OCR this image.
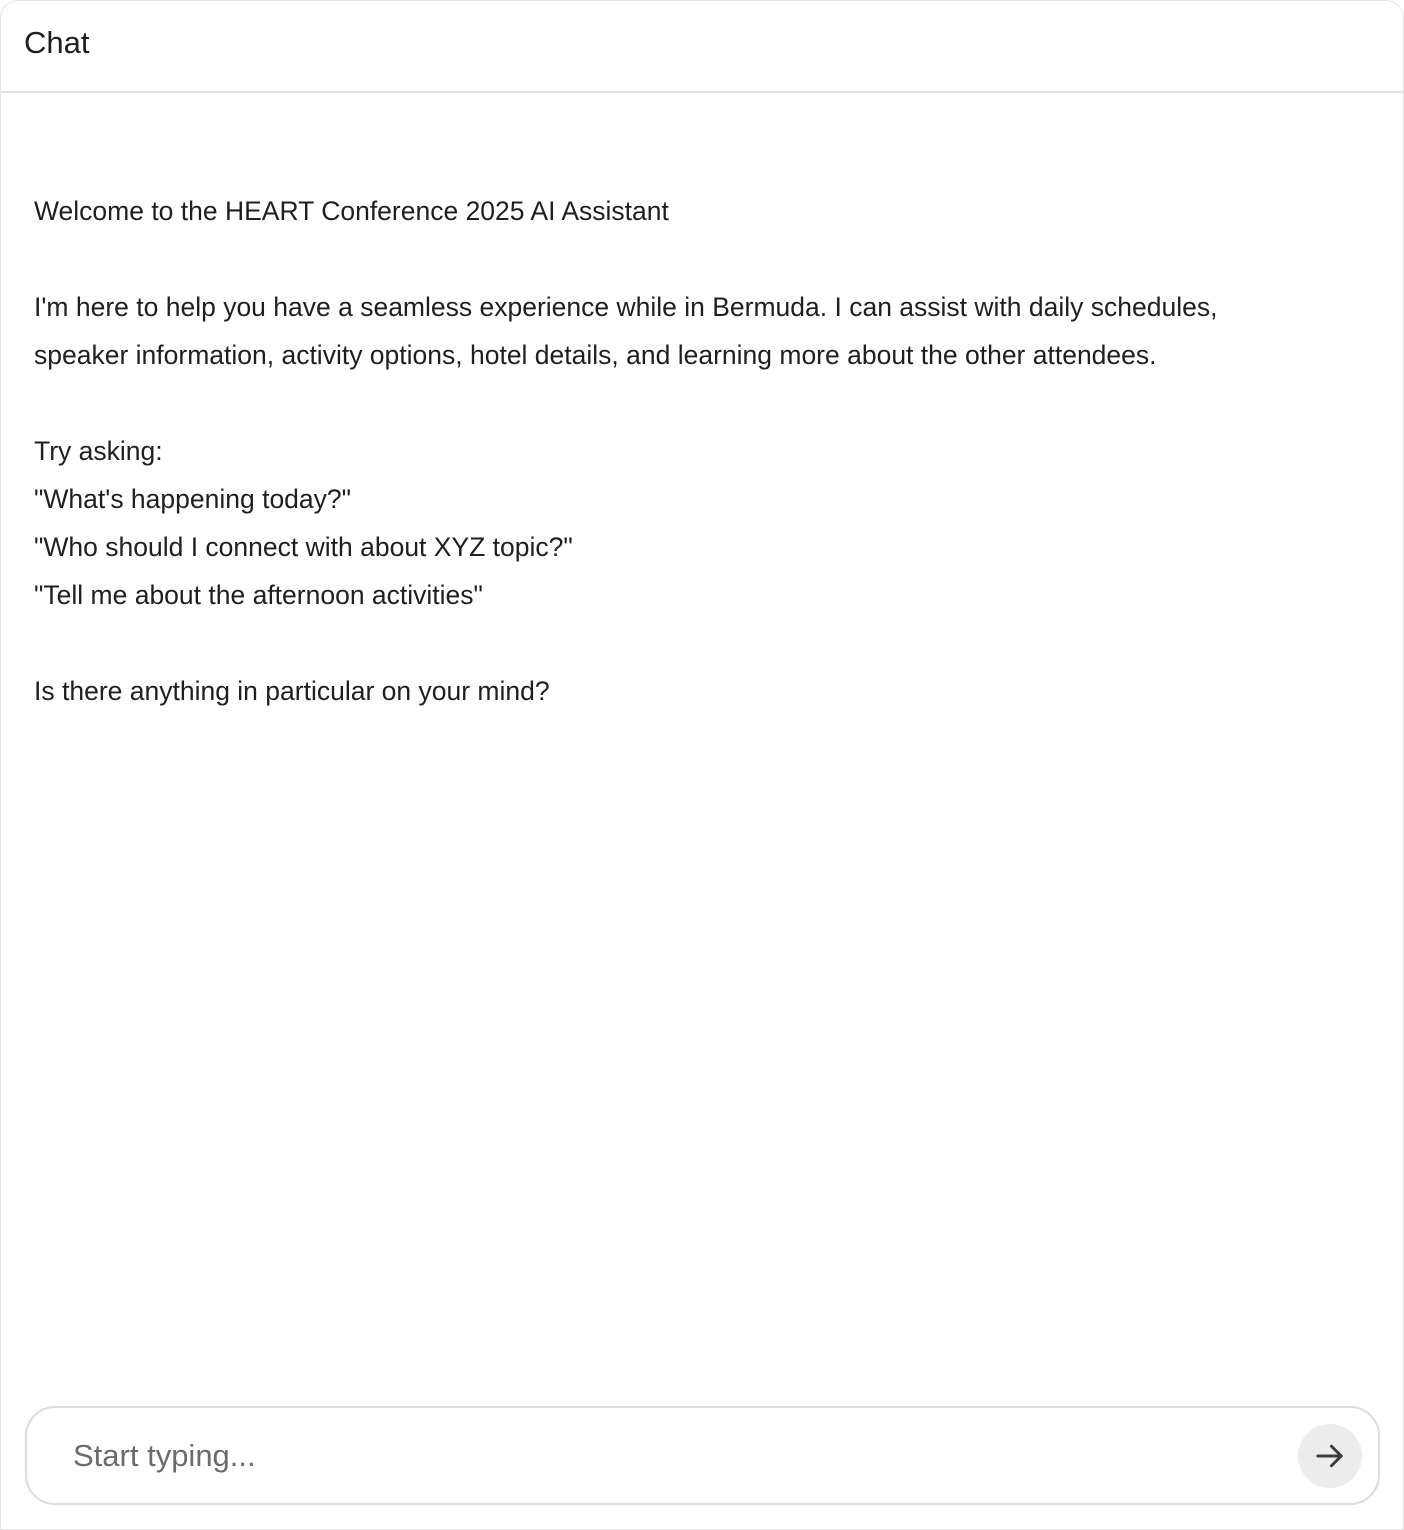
Chat
Welcome to the HEART Conference 2025 AI Assistant
I'm here to help you have a seamless experience while in Bermuda. I can assist with daily schedules,
speaker information, activity options, hotel details, and learning more about the other attendees.
Try asking:
"What's happening today?"
"Who should I connect with about XYZ topic?"
"Tell me about the afternoon activities"
Is there anything in particular on your mind?
Start typing...
